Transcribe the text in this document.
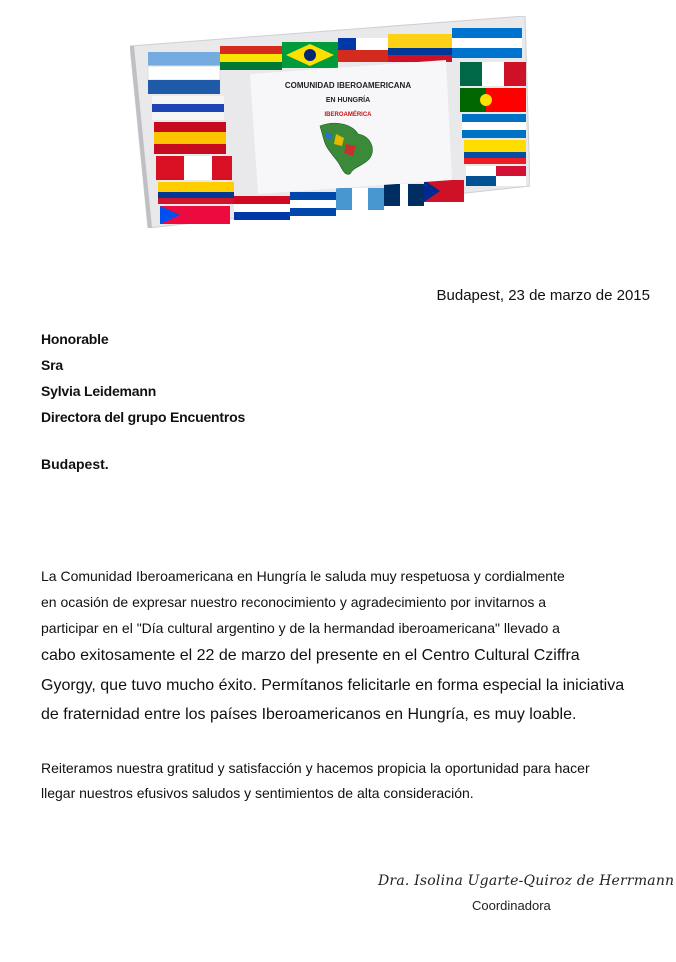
COMUNIDAD IBEROAMERICANA
EN HUNGRÍA
IBEROAMÉRICA
Budapest, 23 de marzo de 2015
Honorable
Sra
Sylvia Leidemann
Directora del grupo Encuentros
Budapest.
La Comunidad Iberoamericana en Hungría le saluda muy respetuosa y cordialmente
en ocasión de expresar nuestro reconocimiento y agradecimiento por invitarnos a
participar en el "Día cultural argentino y de la hermandad iberoamericana" llevado a
cabo exitosamente el 22 de marzo del presente en el Centro Cultural Cziffra
Gyorgy, que tuvo mucho éxito. Permítanos felicitarle en forma especial la iniciativa
de fraternidad entre los países Iberoamericanos en Hungría, es muy loable.
Reiteramos nuestra gratitud y satisfacción y hacemos propicia la oportunidad para hacer
llegar nuestros efusivos saludos y sentimientos de alta consideración.
Dra. Isolina Ugarte-Quiroz de Herrmann
Coordinadora
